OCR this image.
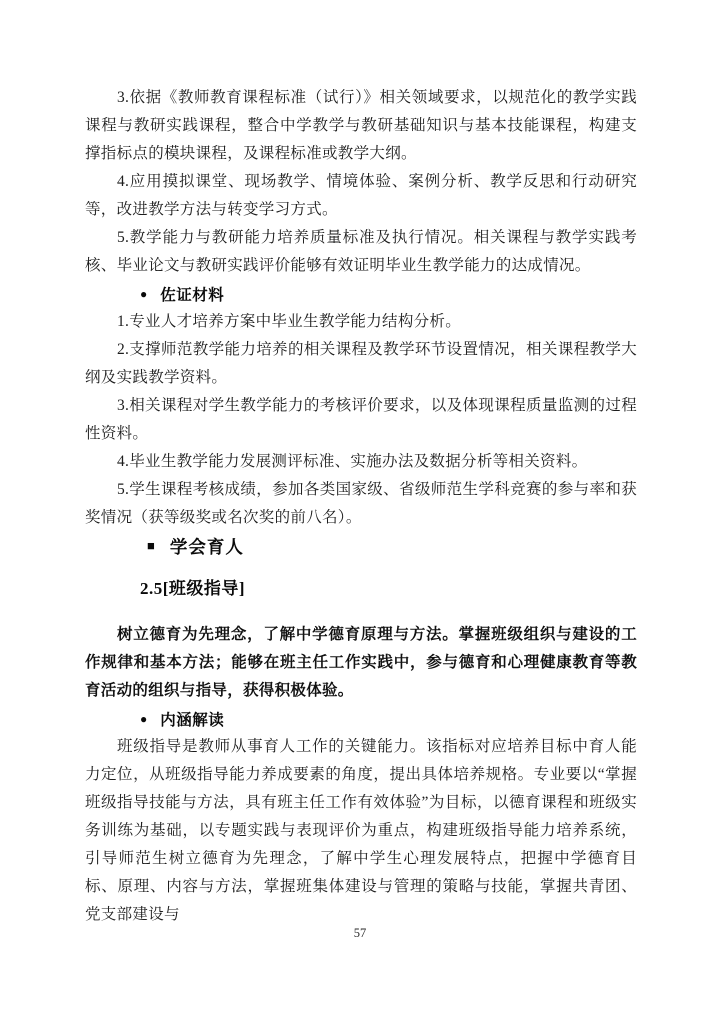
3.依据《教师教育课程标准（试行）》相关领域要求，以规范化的教学实践课程与教研实践课程，整合中学教学与教研基础知识与基本技能课程，构建支撑指标点的模块课程，及课程标准或教学大纲。

4.应用摸拟课堂、现场教学、情境体验、案例分析、教学反思和行动研究等，改进教学方法与转变学习方式。

5.教学能力与教研能力培养质量标准及执行情况。相关课程与教学实践考核、毕业论文与教研实践评价能够有效证明毕业生教学能力的达成情况。

● 佐证材料

1.专业人才培养方案中毕业生教学能力结构分析。

2.支撑师范教学能力培养的相关课程及教学环节设置情况，相关课程教学大纲及实践教学资料。

3.相关课程对学生教学能力的考核评价要求，以及体现课程质量监测的过程性资料。

4.毕业生教学能力发展测评标准、实施办法及数据分析等相关资料。

5.学生课程考核成绩，参加各类国家级、省级师范生学科竞赛的参与率和获奖情况（获等级奖或名次奖的前八名）。

■ 学会育人
2.5[班级指导]

树立德育为先理念，了解中学德育原理与方法。掌握班级组织与建设的工作规律和基本方法；能够在班主任工作实践中，参与德育和心理健康教育等教育活动的组织与指导，获得积极体验。

● 内涵解读

班级指导是教师从事育人工作的关键能力。该指标对应培养目标中育人能力定位，从班级指导能力养成要素的角度，提出具体培养规格。专业要以“掌握班级指导技能与方法，具有班主任工作有效体验”为目标，以德育课程和班级实务训练为基础，以专题实践与表现评价为重点，构建班级指导能力培养系统，引导师范生树立德育为先理念，了解中学生心理发展特点，把握中学德育目标、原理、内容与方法，掌握班集体建设与管理的策略与技能，掌握共青团、党支部建设与

57
